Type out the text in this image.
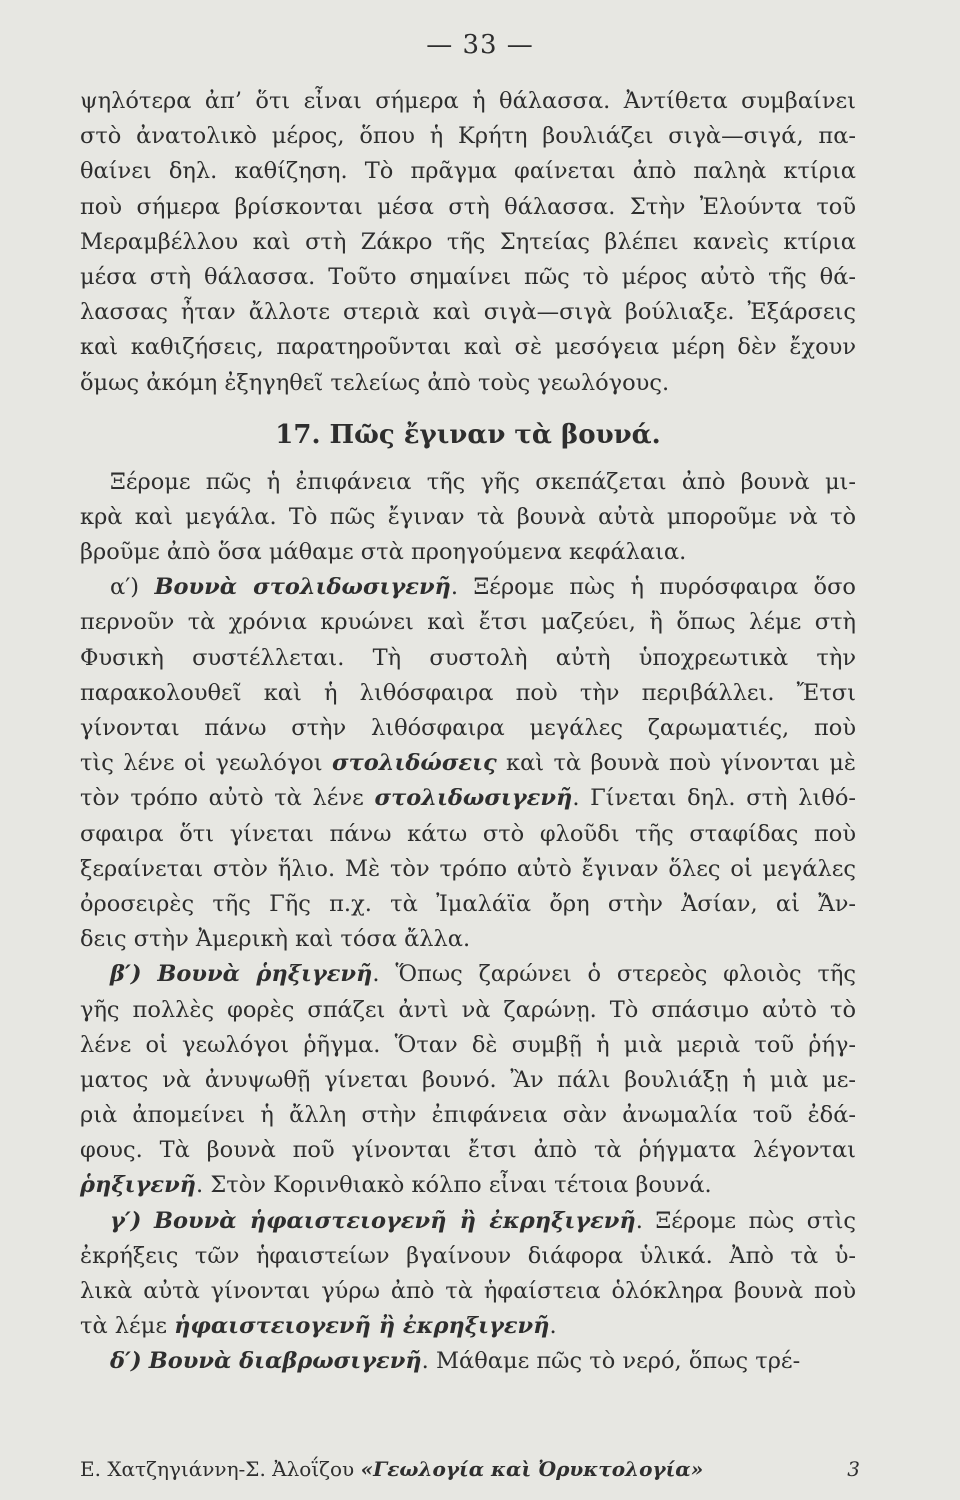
— 33 —
ψηλότερα ἀπ’ ὅτι εἶναι σήμερα ἡ θάλασσα. Ἀντίθετα συμβαίνει
στὸ ἀνατολικὸ μέρος, ὅπου ἡ Κρήτη βουλιάζει σιγὰ—σιγά, πα-
θαίνει δηλ. καθίζηση. Τὸ πρᾶγμα φαίνεται ἀπὸ παληὰ κτίρια
ποὺ σήμερα βρίσκονται μέσα στὴ θάλασσα. Στὴν Ἐλούντα τοῦ
Μεραμβέλλου καὶ στὴ Ζάκρο τῆς Σητείας βλέπει κανεὶς κτίρια
μέσα στὴ θάλασσα. Τοῦτο σημαίνει πῶς τὸ μέρος αὐτὸ τῆς θά-
λασσας ἦταν ἄλλοτε στεριὰ καὶ σιγὰ—σιγὰ βούλιαξε. Ἐξάρσεις
καὶ καθιζήσεις, παρατηροῦνται καὶ σὲ μεσόγεια μέρη δὲν ἔχουν
ὅμως ἀκόμη ἐξηγηθεῖ τελείως ἀπὸ τοὺς γεωλόγους.
17. Πῶς ἔγιναν τὰ βουνά.
Ξέρομε πῶς ἡ ἐπιφάνεια τῆς γῆς σκεπάζεται ἀπὸ βουνὰ μι-
κρὰ καὶ μεγάλα. Τὸ πῶς ἔγιναν τὰ βουνὰ αὐτὰ μποροῦμε νὰ τὸ
βροῦμε ἀπὸ ὅσα μάθαμε στὰ προηγούμενα κεφάλαια.
α′) Βουνὰ στολιδωσιγενῆ. Ξέρομε πὼς ἡ πυρόσφαιρα ὅσο
περνοῦν τὰ χρόνια κρυώνει καὶ ἔτσι μαζεύει, ἢ ὅπως λέμε στὴ
Φυσικὴ συστέλλεται. Τὴ συστολὴ αὐτὴ ὑποχρεωτικὰ τὴν
παρακολουθεῖ καὶ ἡ λιθόσφαιρα ποὺ τὴν περιβάλλει. Ἔτσι
γίνονται πάνω στὴν λιθόσφαιρα μεγάλες ζαρωματιές, ποὺ
τὶς λένε οἱ γεωλόγοι στολιδώσεις καὶ τὰ βουνὰ ποὺ γίνονται μὲ
τὸν τρόπο αὐτὸ τὰ λένε στολιδωσιγενῆ. Γίνεται δηλ. στὴ λιθό-
σφαιρα ὅτι γίνεται πάνω κάτω στὸ φλοῦδι τῆς σταφίδας ποὺ
ξεραίνεται στὸν ἥλιο. Μὲ τὸν τρόπο αὐτὸ ἔγιναν ὅλες οἱ μεγάλες
ὀροσειρὲς τῆς Γῆς π.χ. τὰ Ἰμαλάϊα ὄρη στὴν Ἀσίαν, αἱ Ἄν-
δεις στὴν Ἀμερικὴ καὶ τόσα ἄλλα.
β′) Βουνὰ ῥηξιγενῆ. Ὅπως ζαρώνει ὁ στερεὸς φλοιὸς τῆς
γῆς πολλὲς φορὲς σπάζει ἀντὶ νὰ ζαρώνῃ. Τὸ σπάσιμο αὐτὸ τὸ
λένε οἱ γεωλόγοι ῥῆγμα. Ὅταν δὲ συμβῇ ἡ μιὰ μεριὰ τοῦ ῥήγ-
ματος νὰ ἀνυψωθῇ γίνεται βουνό. Ἂν πάλι βουλιάξῃ ἡ μιὰ με-
ριὰ ἀπομείνει ἡ ἄλλη στὴν ἐπιφάνεια σὰν ἀνωμαλία τοῦ ἐδά-
φους. Τὰ βουνὰ ποῦ γίνονται ἔτσι ἀπὸ τὰ ῥήγματα λέγονται
ῥηξιγενῆ. Στὸν Κορινθιακὸ κόλπο εἶναι τέτοια βουνά.
γ′) Βουνὰ ἡφαιστειογενῆ ἢ ἐκρηξιγενῆ. Ξέρομε πὼς στὶς
ἐκρήξεις τῶν ἡφαιστείων βγαίνουν διάφορα ὑλικά. Ἀπὸ τὰ ὑ-
λικὰ αὐτὰ γίνονται γύρω ἀπὸ τὰ ἡφαίστεια ὁλόκληρα βουνὰ ποὺ
τὰ λέμε ἡφαιστειογενῆ ἢ ἐκρηξιγενῆ.
δ′) Βουνὰ διαβρωσιγενῆ. Μάθαμε πῶς τὸ νερό, ὅπως τρέ-
Ε. Χατζηγιάννη-Σ. Ἀλοΐζου «Γεωλογία καὶ Ὀρυκτολογία»	3
